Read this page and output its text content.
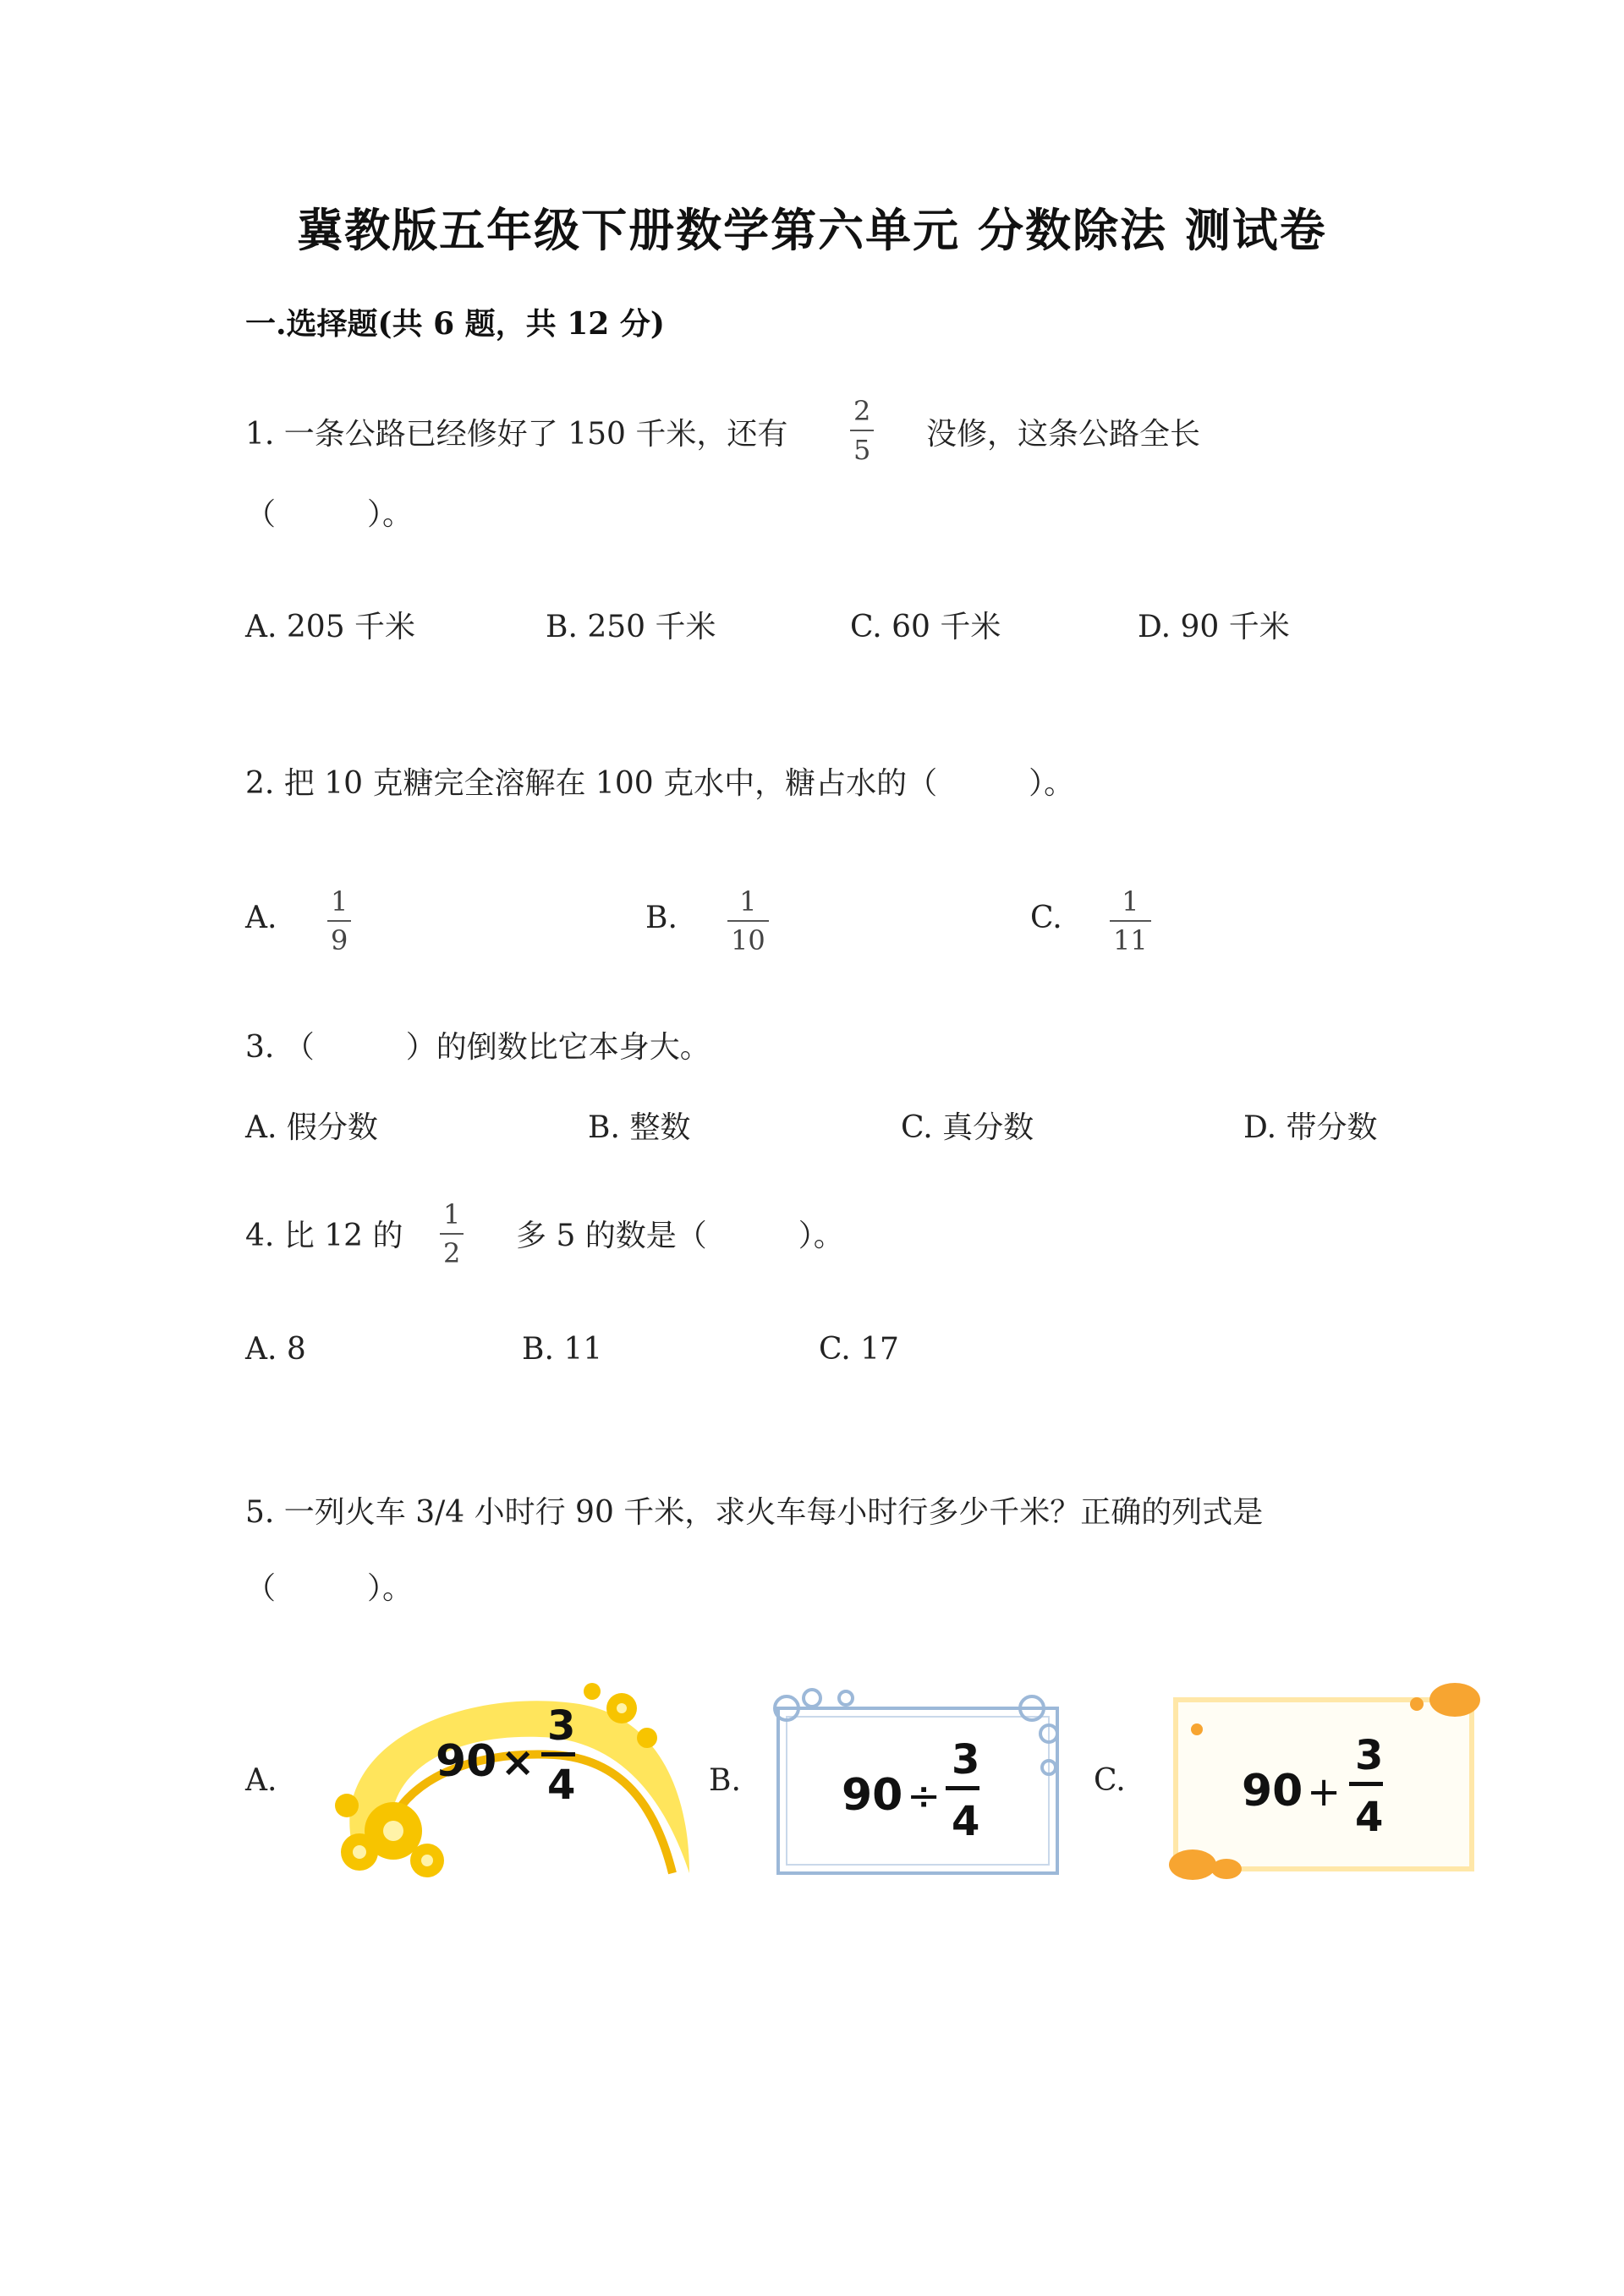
冀教版五年级下册数学第六单元 分数除法 测试卷
一.选择题(共 6 题，共 12 分)
1. 一条公路已经修好了 150 千米，还有
2
5 没修，这条公路全长
（　　　）。
A. 205 千米	B. 250 千米	C. 60 千米	D. 90 千米
2. 把 10 克糖完全溶解在 100 克水中，糖占水的（　　　）。
A. 1
9
B. 1
10
C. 1
11
3. （　　　）的倒数比它本身大。
A. 假分数	B. 整数	C. 真分数	D. 带分数
4. 比 12 的
1
2 多 5 的数是（　　　）。
A. 8	B. 11	C. 17
5. 一列火车 3/4 小时行 90 千米，求火车每小时行多少千米？正确的列式是
（　　　）。
A.	B.	C.
90 ×
3
4	90 ÷
3
4
90 +
3
4
